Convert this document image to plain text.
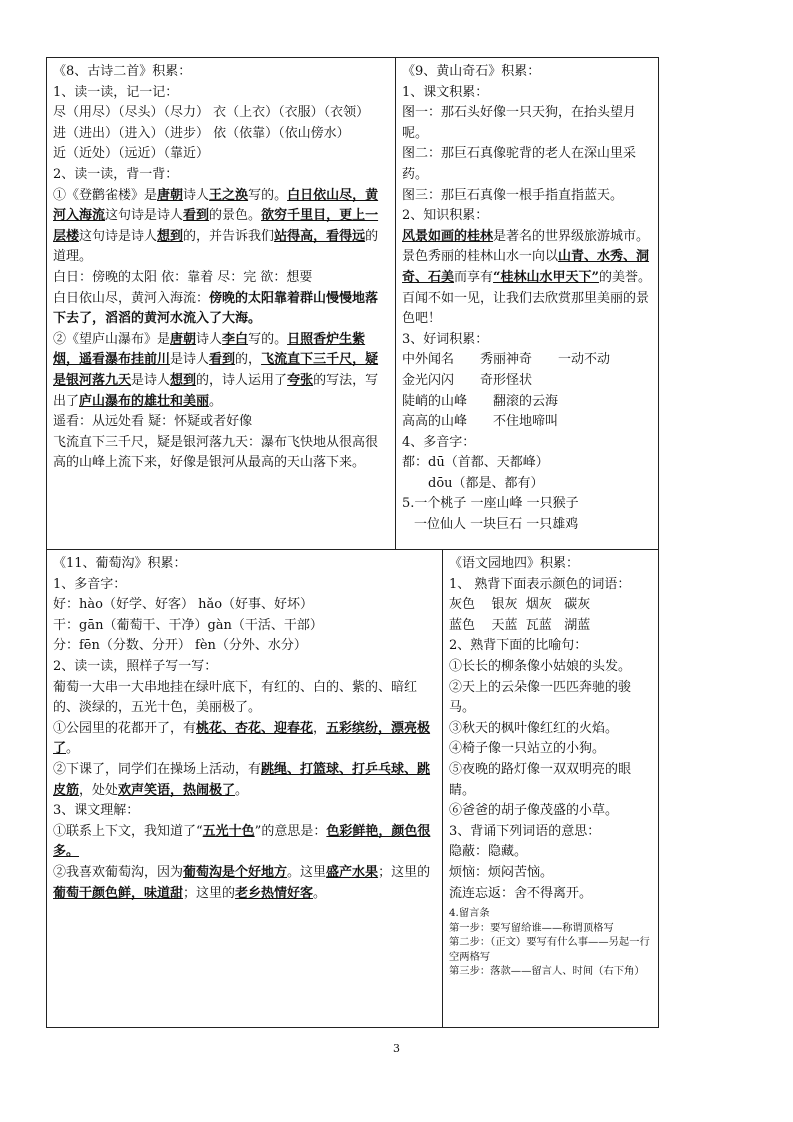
《8、古诗二首》积累：
1、读一读，记一记：
尽（用尽）（尽头）（尽力） 衣（上衣）（衣服）（衣领）
进（进出）（进入）（进步） 依（依靠）（依山傍水）
近（近处）（远近）（靠近）
2、读一读，背一背：
①《登鹳雀楼》是唐朝诗人王之涣写的。白日依山尽，黄河入海流这句诗是诗人看到的景色。欲穷千里目，更上一层楼这句诗是诗人想到的，并告诉我们站得高，看得远的道理。
白日：傍晚的太阳 依：靠着 尽：完 欲：想要
白日依山尽，黄河入海流：傍晚的太阳靠着群山慢慢地落下去了，滔滔的黄河水流入了大海。
②《望庐山瀑布》是唐朝诗人李白写的。日照香炉生紫烟，遥看瀑布挂前川是诗人看到的，飞流直下三千尺，疑是银河落九天是诗人想到的，诗人运用了夸张的写法，写出了庐山瀑布的雄壮和美丽。
遥看：从远处看 疑：怀疑或者好像
飞流直下三千尺，疑是银河落九天：瀑布飞快地从很高很高的山峰上流下来，好像是银河从最高的天山落下来。
《9、黄山奇石》积累：
1、课文积累：
图一：那石头好像一只天狗，在抬头望月呢。
图二：那巨石真像驼背的老人在深山里采药。
图三：那巨石真像一根手指直指蓝天。
2、知识积累：
风景如画的桂林是著名的世界级旅游城市。景色秀丽的桂林山水一向以山青、水秀、洞奇、石美而享有“桂林山水甲天下”的美誉。百闻不如一见，让我们去欣赏那里美丽的景色吧！
3、好词积累：
中外闻名 秀丽神奇 一动不动
金光闪闪 奇形怪状
陡峭的山峰 翻滚的云海
高高的山峰 不住地啼叫
4、多音字：
都：dū（首都、天都峰）
dōu（都是、都有）
5.一个桃子 一座山峰 一只猴子
一位仙人 一块巨石 一只雄鸡
《11、葡萄沟》积累：
1、多音字：
好：hào（好学、好客） hǎo（好事、好坏）
干：gān（葡萄干、干净）gàn（干活、干部）
分：fēn（分数、分开） fèn（分外、水分）
2、读一读，照样子写一写：
葡萄一大串一大串地挂在绿叶底下，有红的、白的、紫的、暗红的、淡绿的，五光十色，美丽极了。
①公园里的花都开了，有桃花、杏花、迎春花，五彩缤纷，漂亮极了。
②下课了，同学们在操场上活动，有跳绳、打篮球、打乒乓球、跳皮筋，处处欢声笑语，热闹极了。
3、课文理解：
①联系上下文，我知道了“五光十色”的意思是：色彩鲜艳，颜色很多。
②我喜欢葡萄沟，因为葡萄沟是个好地方。这里盛产水果；这里的葡萄干颜色鲜，味道甜；这里的老乡热情好客。
《语文园地四》积累：
1、 熟背下面表示颜色的词语：
灰色    银灰  烟灰   碳灰
蓝色    天蓝  瓦蓝   湖蓝
2、熟背下面的比喻句：
①长长的柳条像小姑娘的头发。
②天上的云朵像一匹匹奔驰的骏马。
③秋天的枫叶像红红的火焰。
④椅子像一只站立的小狗。
⑤夜晚的路灯像一双双明亮的眼睛。
⑥爸爸的胡子像茂盛的小草。
3、背诵下列词语的意思：
隐蔽：隐藏。
烦恼：烦闷苦恼。
流连忘返：舍不得离开。
4.留言条
第一步：要写留给谁——称谓顶格写
第二步：（正文）要写有什么事——另起一行空两格写
第三步：落款——留言人、时间（右下角）
3
